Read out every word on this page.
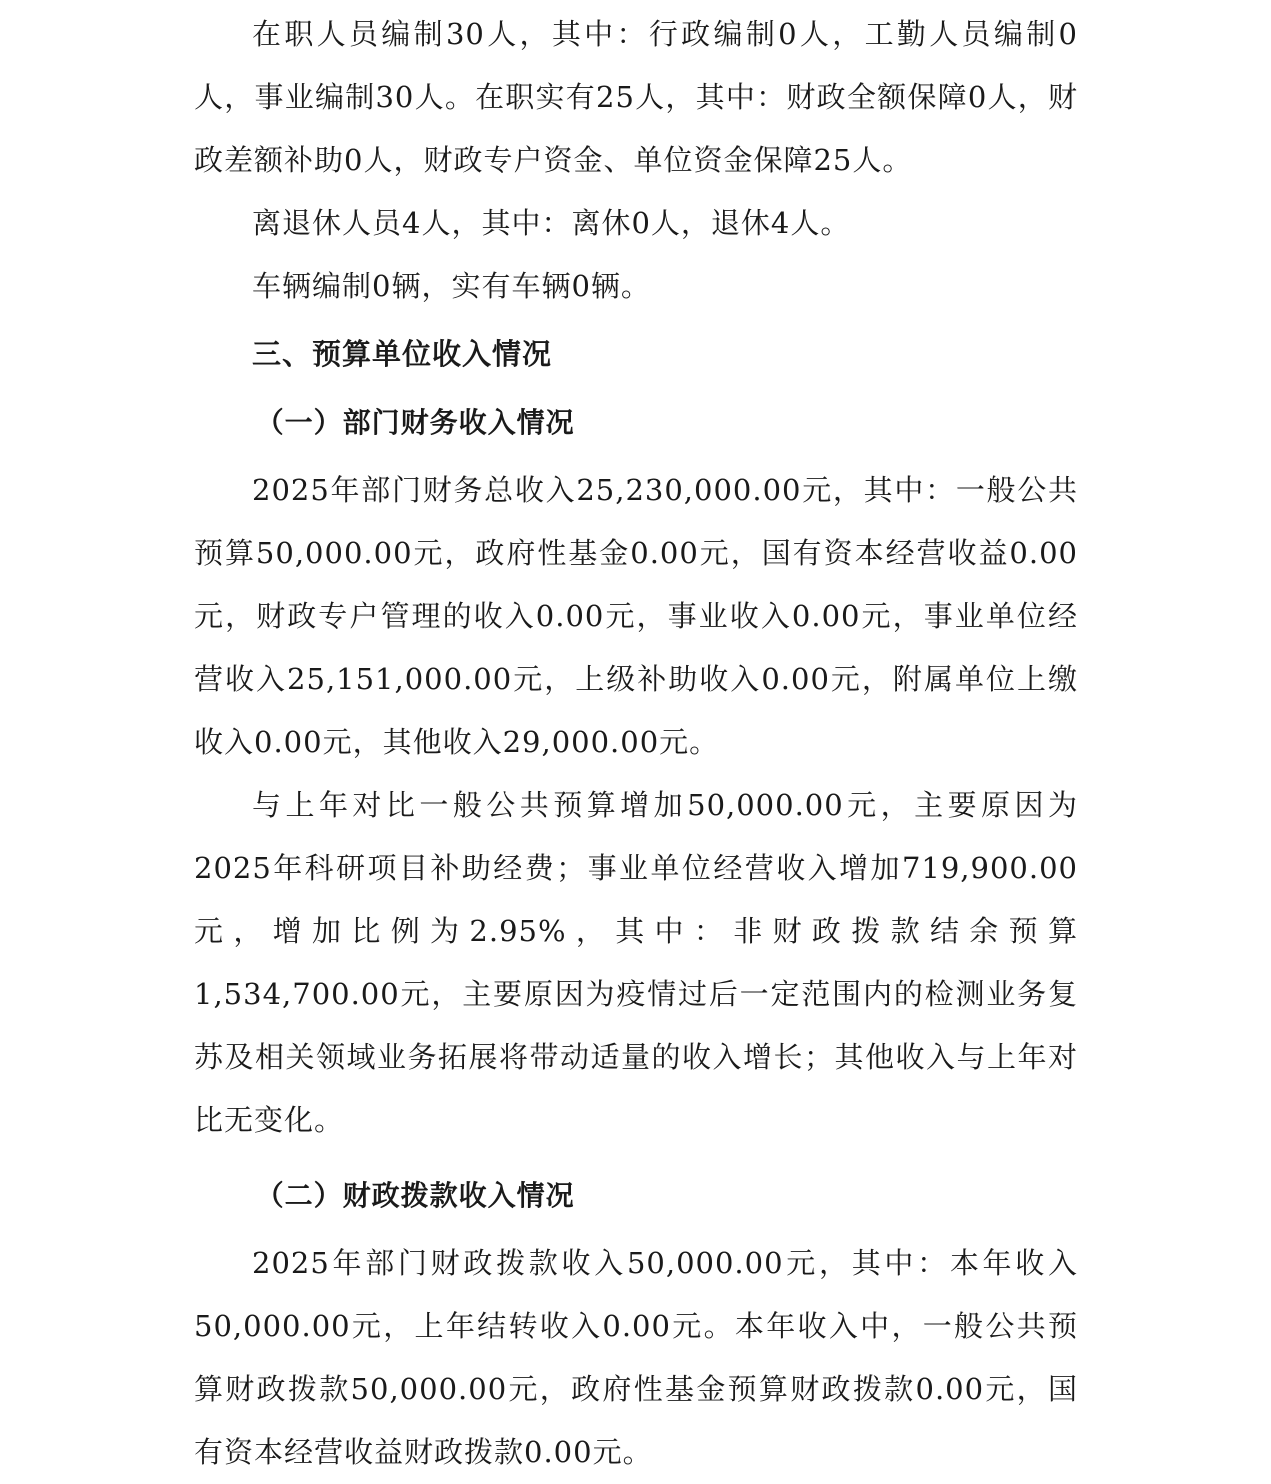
在职人员编制30人，其中：行政编制0人，工勤人员编制0人，事业编制30人。在职实有25人，其中：财政全额保障0人，财政差额补助0人，财政专户资金、单位资金保障25人。

离退休人员4人，其中：离休0人，退休4人。

车辆编制0辆，实有车辆0辆。

三、预算单位收入情况
（一）部门财务收入情况

2025年部门财务总收入25,230,000.00元，其中：一般公共预算50,000.00元，政府性基金0.00元，国有资本经营收益0.00元，财政专户管理的收入0.00元，事业收入0.00元，事业单位经营收入25,151,000.00元，上级补助收入0.00元，附属单位上缴收入0.00元，其他收入29,000.00元。

与上年对比一般公共预算增加50,000.00元，主要原因为2025年科研项目补助经费；事业单位经营收入增加719,900.00元，增加比例为2.95%，其中：非财政拨款结余预算1,534,700.00元，主要原因为疫情过后一定范围内的检测业务复苏及相关领域业务拓展将带动适量的收入增长；其他收入与上年对比无变化。

（二）财政拨款收入情况

2025年部门财政拨款收入50,000.00元，其中：本年收入50,000.00元，上年结转收入0.00元。本年收入中，一般公共预算财政拨款50,000.00元，政府性基金预算财政拨款0.00元，国有资本经营收益财政拨款0.00元。
